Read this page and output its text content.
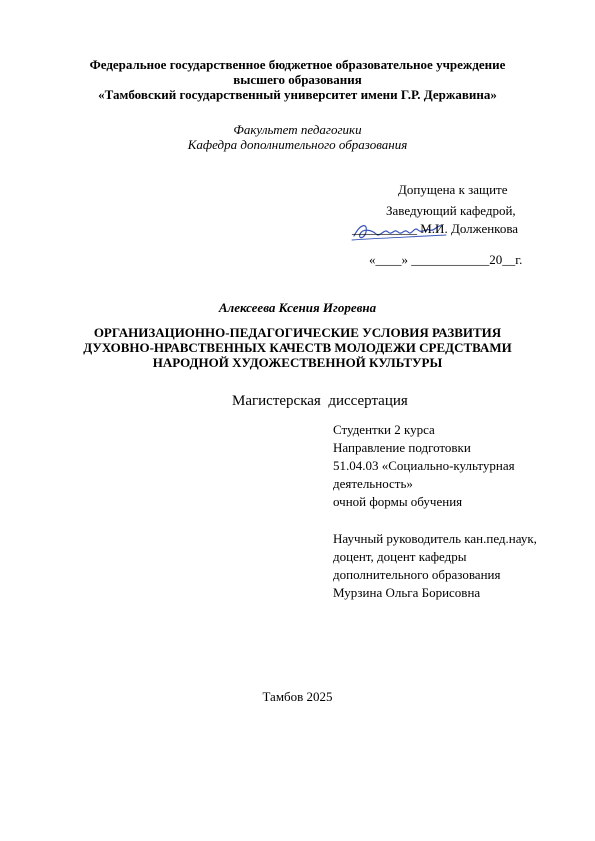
Федеральное государственное бюджетное образовательное учреждение
высшего образования
«Тамбовский государственный университет имени Г.Р. Державина»
Факультет педагогики
Кафедра дополнительного образования
Допущена к защите
Заведующий кафедрой,
__________ М.И. Долженкова
«____» ____________20__г.
Алексеева Ксения Игоревна
ОРГАНИЗАЦИОННО-ПЕДАГОГИЧЕСКИЕ УСЛОВИЯ РАЗВИТИЯ
ДУХОВНО-НРАВСТВЕННЫХ КАЧЕСТВ МОЛОДЕЖИ СРЕДСТВАМИ
НАРОДНОЙ ХУДОЖЕСТВЕННОЙ КУЛЬТУРЫ
Магистерская  диссертация
Студентки 2 курса
Направление подготовки
51.04.03 «Социально-культурная
деятельность»
очной формы обучения
Научный руководитель кан.пед.наук,
доцент, доцент кафедры
дополнительного образования
Мурзина Ольга Борисовна
Тамбов 2025
